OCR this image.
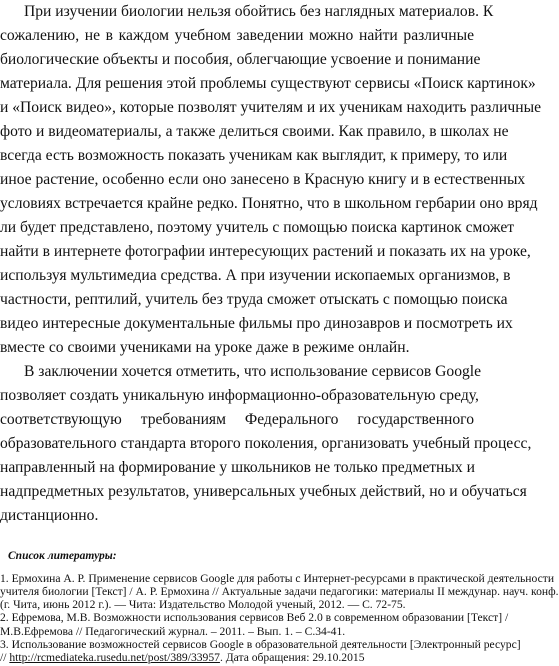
При изучении биологии нельзя обойтись без наглядных материалов. К
сожалению, не в каждом учебном заведении можно найти различные
биологические объекты и пособия, облегчающие усвоение и понимание
материала. Для решения этой проблемы существуют сервисы «Поиск картинок»
и «Поиск видео», которые позволят учителям и их ученикам находить различные
фото и видеоматериалы, а также делиться своими. Как правило, в школах не
всегда есть возможность показать ученикам как выглядит, к примеру, то или
иное растение, особенно если оно занесено в Красную книгу и в естественных
условиях встречается крайне редко. Понятно, что в школьном гербарии оно вряд
ли будет представлено, поэтому учитель с помощью поиска картинок сможет
найти в интернете фотографии интересующих растений и показать их на уроке,
используя мультимедиа средства. А при изучении ископаемых организмов, в
частности, рептилий, учитель без труда сможет отыскать с помощью поиска
видео интересные документальные фильмы про динозавров и посмотреть их
вместе со своими учениками на уроке даже в режиме онлайн.
В заключении хочется отметить, что использование сервисов Google
позволяет создать уникальную информационно-образовательную среду,
соответствующую требованиям Федерального государственного
образовательного стандарта второго поколения, организовать учебный процесс,
направленный на формирование у школьников не только предметных и
надпредметных результатов, универсальных учебных действий, но и обучаться
дистанционно.
Список литературы:
1. Ермохина А. Р. Применение сервисов Google для работы с Интернет-ресурсами в практической деятельности
учителя биологии [Текст] / А. Р. Ермохина // Актуальные задачи педагогики: материалы II междунар. науч. конф.
(г. Чита, июнь 2012 г.). — Чита: Издательство Молодой ученый, 2012. — С. 72-75.
2. Ефремова, М.В. Возможности использования сервисов Веб 2.0 в современном образовании [Текст] /
М.В.Ефремова // Педагогический журнал. – 2011. – Вып. 1. – С.34-41.
3. Использование возможностей сервисов Google в образовательной деятельности [Электронный ресурс]
// http://rcmediateka.rusedu.net/post/389/33957. Дата обращения: 29.10.2015
